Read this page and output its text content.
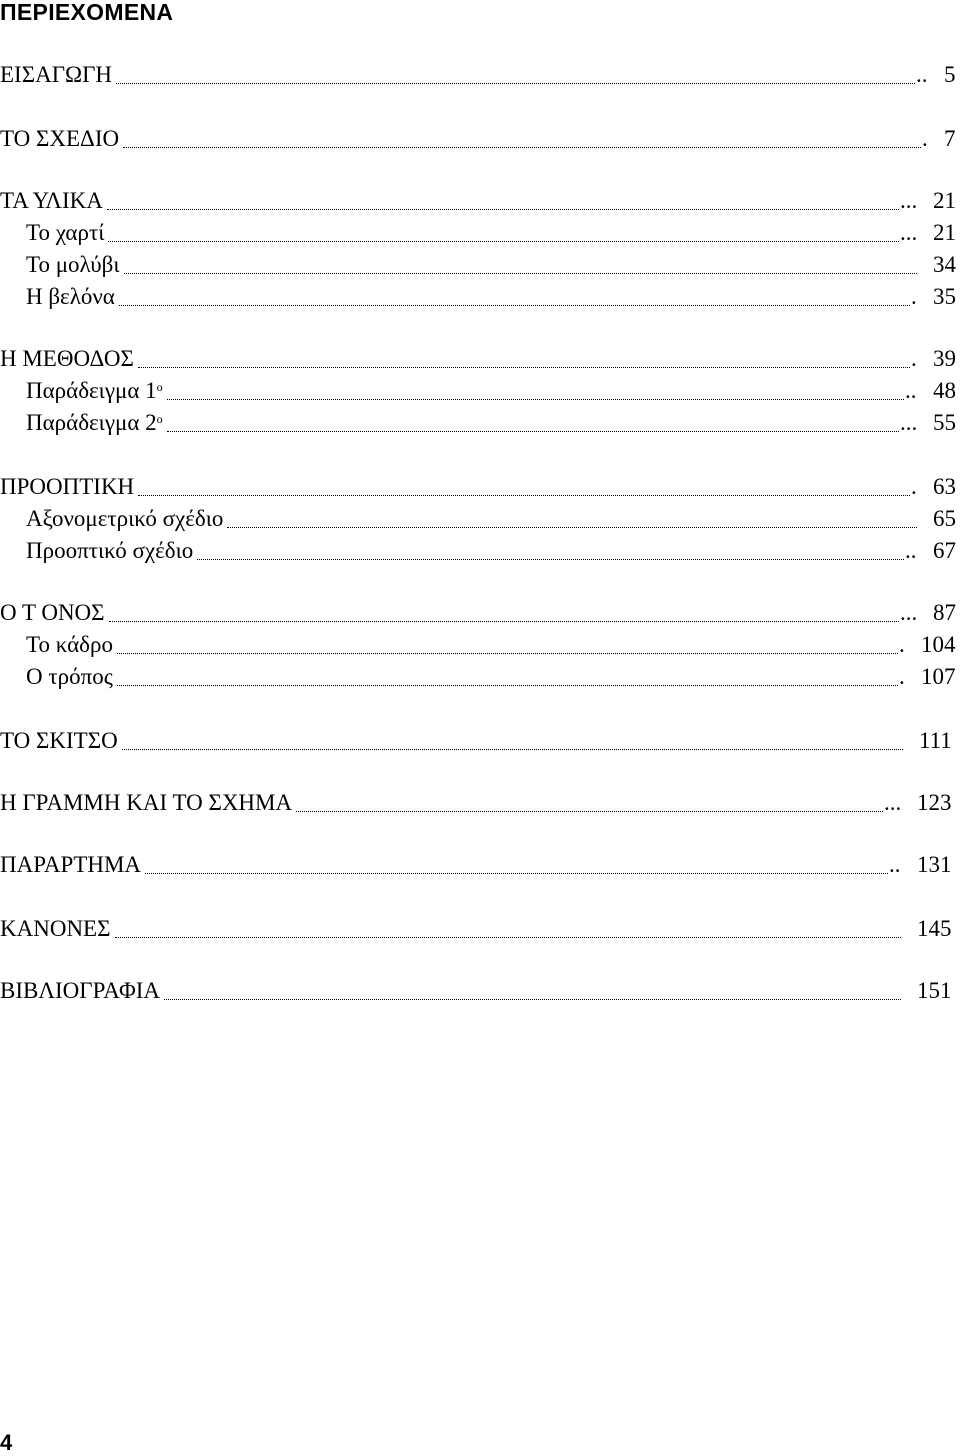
ΠΕΡΙΕΧΟΜΕΝΑ
ΕΙΣΑΓΩΓΗ	.. 5
ΤΟ ΣΧΕΔΙΟ	. 7
ΤΑ ΥΛΙΚΑ	... 21
Το χαρτί	... 21
Το μολύβι	34
Η βελόνα	. 35
Η ΜΕΘΟΔΟΣ	. 39
Παράδειγμα $1^o$	.. 48
Παράδειγμα $2^o$	... 55
ΠΡΟΟΠΤΙΚΗ	. 63
Αξονομετρικό σχέδιο	65
Προοπτικό σχέδιο	.. 67
Ο Τ ΟΝΟΣ	... 87
Το κάδρο	. 104
Ο τρόπος	. 107
ΤΟ ΣΚΙΤΣΟ	111
Η ΓΡΑΜΜΗ ΚΑΙ ΤΟ ΣΧΗΜΑ	... 123
ΠΑΡΑΡΤΗΜΑ	.. 131
ΚΑΝΟΝΕΣ	145
ΒΙΒΛΙΟΓΡΑΦΙΑ	151
4
